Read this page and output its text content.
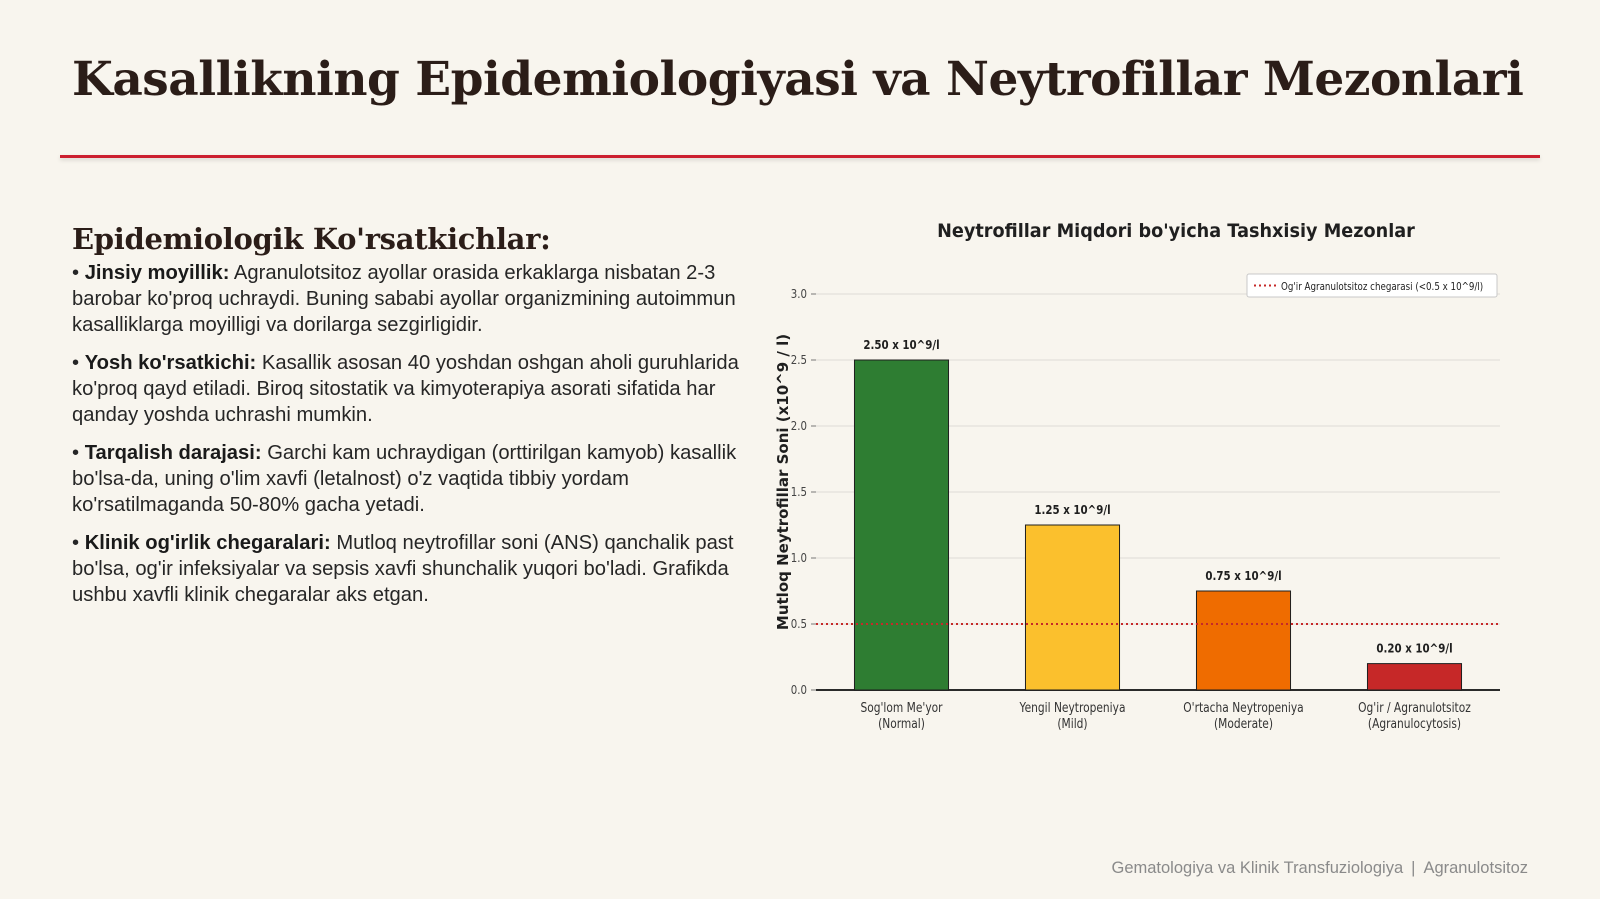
Kasallikning Epidemiologiyasi va Neytrofillar Mezonlari
Epidemiologik Ko'rsatkichlar:

• Jinsiy moyillik: Agranulotsitoz ayollar orasida erkaklarga nisbatan 2-3 barobar ko'proq uchraydi. Buning sababi ayollar organizmining autoimmun kasalliklarga moyilligi va dorilarga sezgirligidir.

• Yosh ko'rsatkichi: Kasallik asosan 40 yoshdan oshgan aholi guruhlarida ko'proq qayd etiladi. Biroq sitostatik va kimyoterapiya asorati sifatida har qanday yoshda uchrashi mumkin.

• Tarqalish darajasi: Garchi kam uchraydigan (orttirilgan kamyob) kasallik bo'lsa-da, uning o'lim xavfi (letalnost) o'z vaqtida tibbiy yordam ko'rsatilmaganda 50-80% gacha yetadi.

• Klinik og'irlik chegaralari: Mutloq neytrofillar soni (ANS) qanchalik past bo'lsa, og'ir infeksiyalar va sepsis xavfi shunchalik yuqori bo'ladi. Grafikda ushbu xavfli klinik chegaralar aks etgan.

Neytrofillar Miqdori bo'yicha Tashxisiy Mezonlar
Mutloq Neytrofillar Soni (x10^9 / l)
0.0
0.5
1.0
1.5
2.0
2.5
3.0
2.50 x 10^9/l
Sog'lom Me'yor
(Normal)
1.25 x 10^9/l
Yengil Neytropeniya
(Mild)
0.75 x 10^9/l
O'rtacha Neytropeniya
(Moderate)
0.20 x 10^9/l
Og'ir / Agranulotsitoz
(Agranulocytosis)
Og'ir Agranulotsitoz chegarasi (<0.5 x 10^9/l)
Gematologiya va Klinik Transfuziologiya | Agranulotsitoz
